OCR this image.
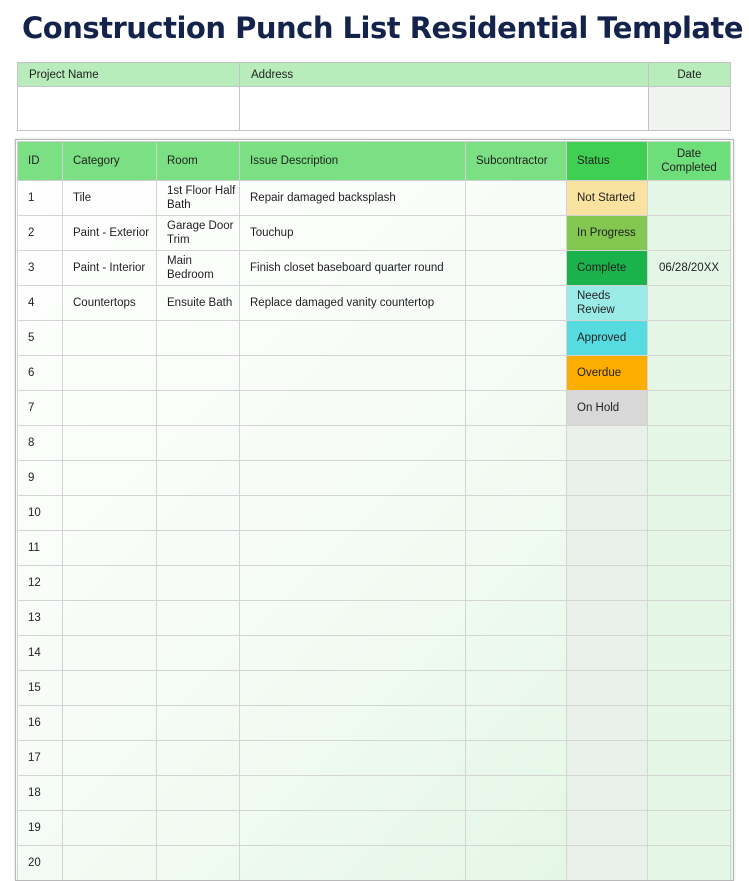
Construction Punch List Residential Template
Project Name	Address	Date

ID	Category	Room	Issue Description	Subcontractor	Status	Date Completed
1	Tile	1st Floor Half Bath	Repair damaged backsplash		Not Started	
2	Paint - Exterior	Garage Door Trim	Touchup		In Progress	
3	Paint - Interior	Main Bedroom	Finish closet baseboard quarter round		Complete	06/28/20XX
4	Countertops	Ensuite Bath	Replace damaged vanity countertop		Needs Review	
5					Approved	
6					Overdue	
7					On Hold	
8						
9						
10						
11						
12						
13						
14						
15						
16						
17						
18						
19						
20						
